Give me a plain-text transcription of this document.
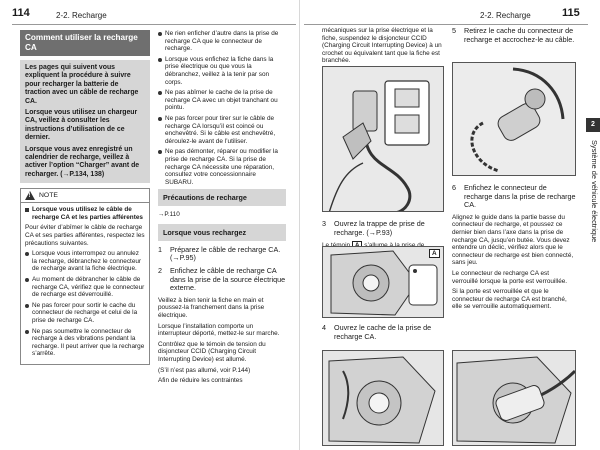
114	2-2. Recharge
Comment utiliser la recharge CA

Les pages qui suivent vous expliquent la procédure à suivre pour recharger la batterie de traction avec un câble de recharge CA.

Lorsque vous utilisez un chargeur CA, veillez à consulter les instructions d’utilisation de ce dernier.

Lorsque vous avez enregistré un calendrier de recharge, veillez à activer l’option “Charger” avant de recharger. (→P.134, 138)

!
NOTE
Lorsque vous utilisez le câble de recharge CA et les parties afférentes

Pour éviter d’abîmer le câble de recharge CA et ses parties afférentes, respectez les précautions suivantes.

Lorsque vous interrompez ou annulez la recharge, débranchez le connecteur de recharge avant la fiche électrique.
Au moment de débrancher le câble de recharge CA, vérifiez que le connecteur de recharge est déverrouillé.
Ne pas forcer pour sortir le cache du connecteur de recharge et celui de la prise de recharge CA.
Ne pas soumettre le connecteur de recharge à des vibrations pendant la recharge. Il peut arriver que la recharge s’arrête.
Ne rien enficher d’autre dans la prise de recharge CA que le connecteur de recharge.
Lorsque vous enfichez la fiche dans la prise électrique ou que vous la débranchez, veillez à la tenir par son corps.
Ne pas abîmer le cache de la prise de recharge CA avec un objet tranchant ou pointu.
Ne pas forcer pour tirer sur le câble de recharge CA lorsqu’il est coincé ou enchevêtré. Si le câble est enchevêtré, déroulez-le avant de l’utiliser.
Ne pas démonter, réparer ou modifier la prise de recharge CA. Si la prise de recharge CA nécessite une réparation, consultez votre concessionnaire SUBARU.
Précautions de recharge

→P.110

Lorsque vous rechargez
1	Préparez le câble de recharge CA. (→P.95)
2	Enfichez le câble de recharge CA dans la prise de la source électrique externe.

Veillez à bien tenir la fiche en main et poussez-la franchement dans la prise électrique.

Lorsque l’installation comporte un interrupteur déporté, mettez-le sur marche.

Contrôlez que le témoin de tension du disjoncteur CCID (Charging Circuit Interrupting Device) est allumé.

(S’il n’est pas allumé, voir P.144)

Afin de réduire les contraintes

2-2. Recharge	115

mécaniques sur la prise électrique et la fiche, suspendez le disjoncteur CCID (Charging Circuit Interrupting Device) à un crochet ou équivalent tant que la fiche est branchée.

3	Ouvrez la trappe de prise de recharge. (→P.93)

A
4	Ouvrez le cache de la prise de recharge CA.
5	Retirez le cache du connecteur de recharge et accrochez-le au câble.
6	Enfichez le connecteur de recharge dans la prise de recharge CA.

Alignez le guide dans la partie basse du connecteur de recharge, et poussez ce dernier bien dans l’axe dans la prise de recharge CA, jusqu’en butée. Vous devez entendre un déclic, vérifiez alors que le connecteur de recharge est bien connecté, sans jeu.

Le connecteur de recharge CA est verrouillé lorsque la porte est verrouillée.

Si la porte est verrouillée et que le connecteur de recharge CA est branché, elle se verrouille automatiquement.

2
Système de véhicule électrique
